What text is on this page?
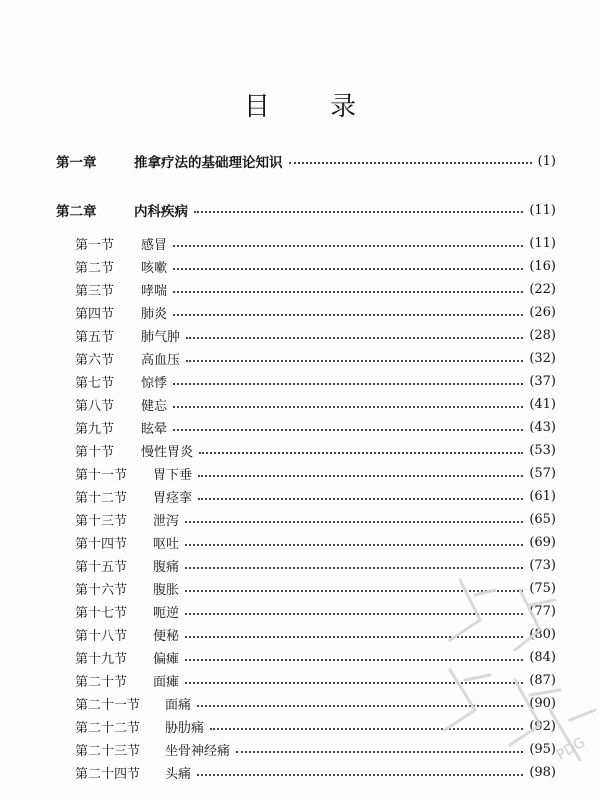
目 录
第一章	推拿疗法的基础理论知识	(1)
第二章	内科疾病	(11)
第一节	感冒	(11)
第二节	咳嗽	(16)
第三节	哮喘	(22)
第四节	肺炎	(26)
第五节	肺气肿	(28)
第六节	高血压	(32)
第七节	惊悸	(37)
第八节	健忘	(41)
第九节	眩晕	(43)
第十节	慢性胃炎	(53)
第十一节	胃下垂	(57)
第十二节	胃痉挛	(61)
第十三节	泄泻	(65)
第十四节	呕吐	(69)
第十五节	腹痛	(73)
第十六节	腹胀	(75)
第十七节	呃逆	(77)
第十八节	便秘	(80)
第十九节	偏瘫	(84)
第二十节	面瘫	(87)
第二十一节	面痛	(90)
第二十二节	胁肋痛	(92)
第二十三节	坐骨神经痛	(95)
第二十四节	头痛	(98)
PDG
